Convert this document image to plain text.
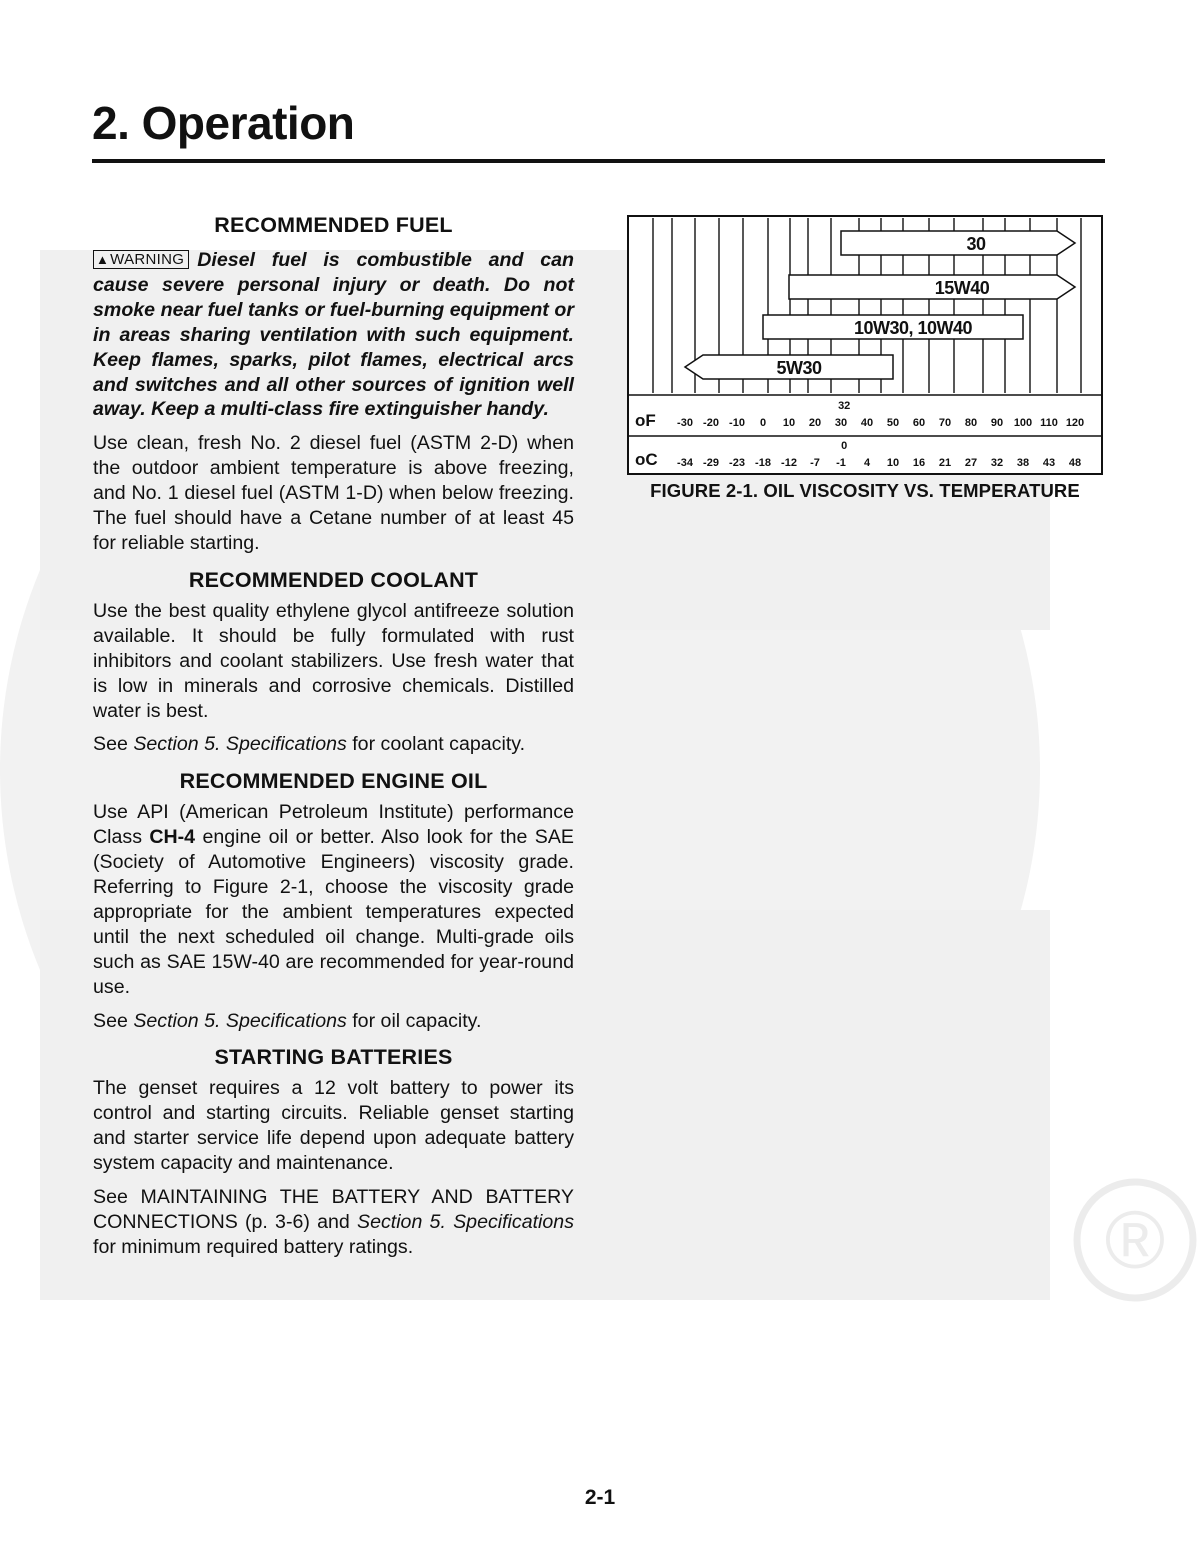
®
2. Operation
RECOMMENDED FUEL

▲WARNING Diesel fuel is combustible and can cause severe personal injury or death. Do not smoke near fuel tanks or fuel-burning equipment or in areas sharing ventilation with such equipment. Keep flames, sparks, pilot flames, electrical arcs and switches and all other sources of ignition well away. Keep a multi-class fire extinguisher handy.

Use clean, fresh No. 2 diesel fuel (ASTM 2-D) when the outdoor ambient temperature is above freezing, and No. 1 diesel fuel (ASTM 1-D) when below freezing. The fuel should have a Cetane number of at least 45 for reliable starting.

RECOMMENDED COOLANT

Use the best quality ethylene glycol antifreeze solution available. It should be fully formulated with rust inhibitors and coolant stabilizers. Use fresh water that is low in minerals and corrosive chemicals. Distilled water is best.

See Section 5. Specifications for coolant capacity.

RECOMMENDED ENGINE OIL

Use API (American Petroleum Institute) performance Class CH-4 engine oil or better. Also look for the SAE (Society of Automotive Engineers) viscosity grade. Referring to Figure 2-1, choose the viscosity grade appropriate for the ambient temperatures expected until the next scheduled oil change. Multi-grade oils such as SAE 15W-40 are recommended for year-round use.

See Section 5. Specifications for oil capacity.

STARTING BATTERIES

The genset requires a 12 volt battery to power its control and starting circuits. Reliable genset starting and starter service life depend upon adequate battery system capacity and maintenance.

See MAINTAINING THE BATTERY AND BATTERY CONNECTIONS (p. 3-6) and Section 5. Specifications for minimum required battery ratings.

30
15W40
10W30, 10W40
5W30
oF
oC
-30 -20 -10 0 10 20 30 40 50 60 70 80 90 100 110 120
-34 -29 -23 -18 -12 -7 -1 4 10 16 21 27 32 38 43 48
32
0
FIGURE 2-1. OIL VISCOSITY VS. TEMPERATURE
2-1
